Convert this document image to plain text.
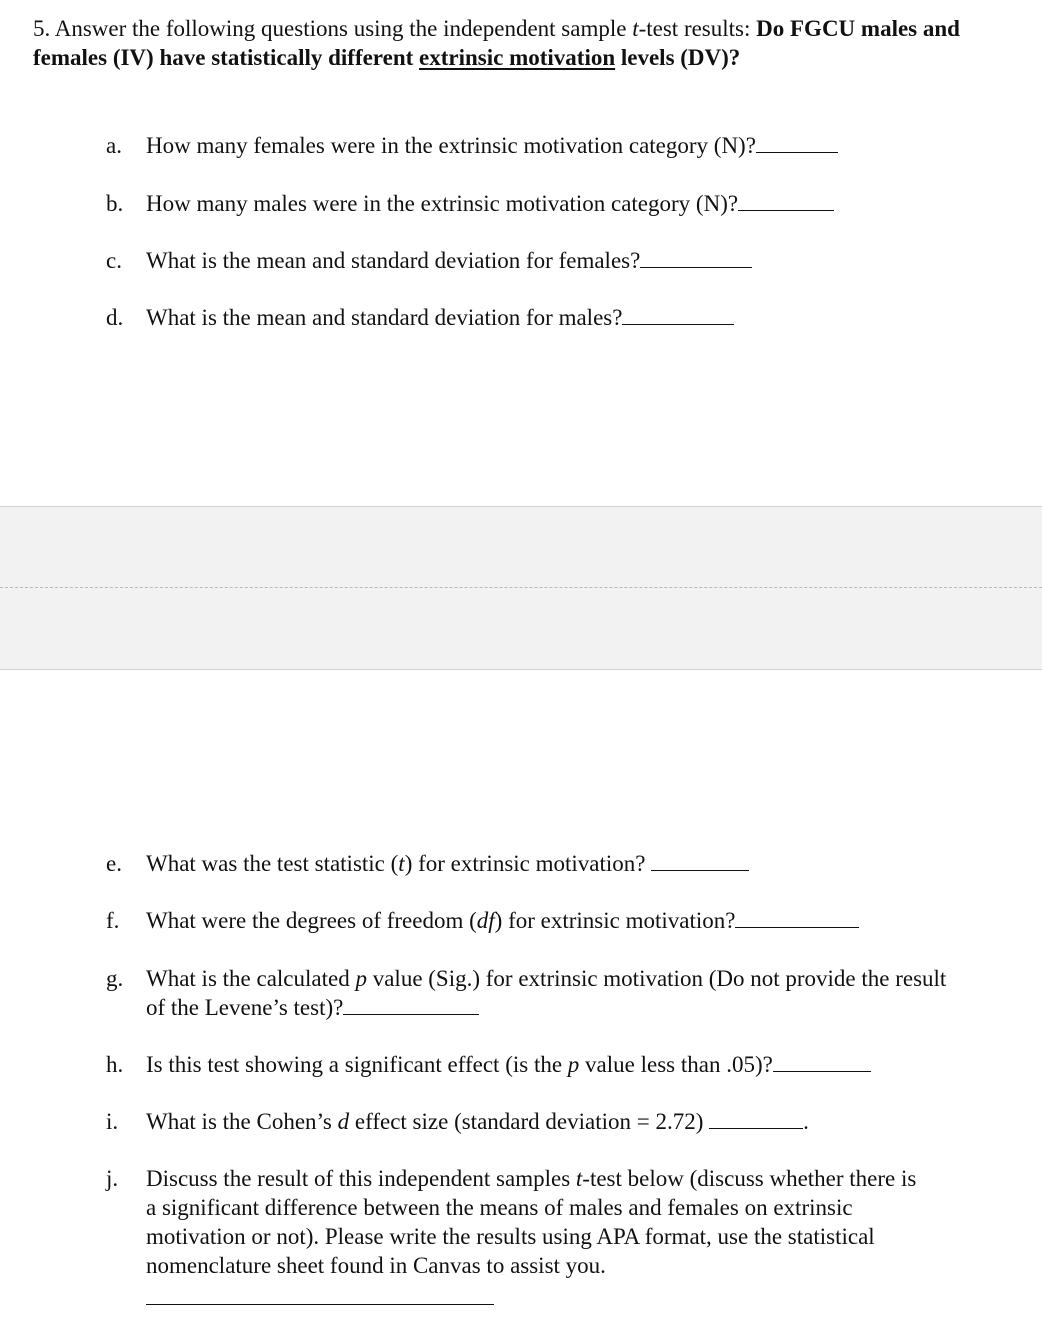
5. Answer the following questions using the independent sample t-test results: Do FGCU males and females (IV) have statistically different extrinsic motivation levels (DV)?
a.	How many females were in the extrinsic motivation category (N)?
b. How many males were in the extrinsic motivation category (N)?
c.	What is the mean and standard deviation for females?
d. What is the mean and standard deviation for males?
e.	What was the test statistic (t) for extrinsic motivation?
f.	What were the degrees of freedom (df) for extrinsic motivation?
g. What is the calculated p value (Sig.) for extrinsic motivation (Do not provide the result of the Levene’s test)?
h. Is this test showing a significant effect (is the p value less than .05)?
i.	What is the Cohen’s d effect size (standard deviation = 2.72)	.
j.	Discuss the result of this independent samples t-test below (discuss whether there is a significant difference between the means of males and females on extrinsic motivation or not). Please write the results using APA format, use the statistical nomenclature sheet found in Canvas to assist you.
